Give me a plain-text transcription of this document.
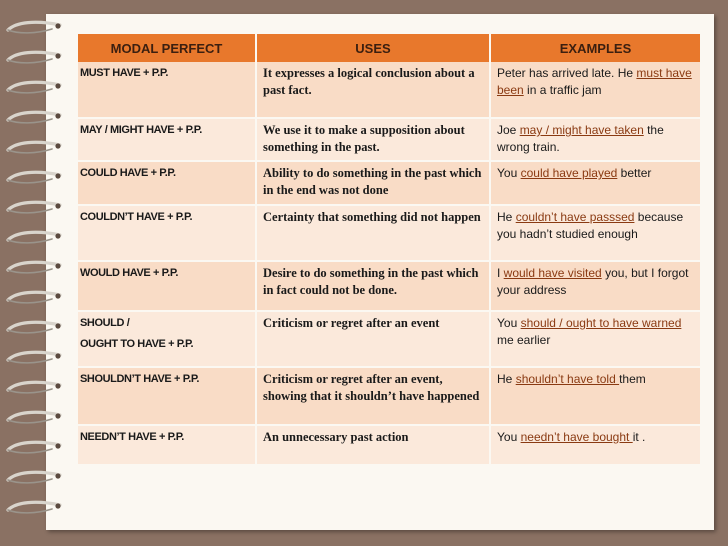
MODAL PERFECT	USES	EXAMPLES

MUST HAVE + P.P.	It expresses a logical conclusion about a past fact.	Peter has arrived late. He must have been in a traffic jam

MAY / MIGHT HAVE + P.P.	We use it to make a supposition about something in the past.	Joe may / might have taken the wrong train.

COULD HAVE + P.P.	Ability to do something in the past which in the end was not done	You could have played better

COULDN’T HAVE + P.P.	Certainty that something did not happen	He couldn’t have passsed because you hadn’t studied enough

WOULD HAVE + P.P.	Desire to do something in the past which in fact could not be done.	I would have visited you, but I forgot your address

SHOULD /
OUGHT TO HAVE + P.P.	Criticism or regret after an event	You should / ought to have warned me earlier

SHOULDN’T HAVE + P.P.	Criticism or regret after an event, showing that it shouldn’t have happened	He shouldn’t have told them

NEEDN’T HAVE + P.P.	An unnecessary past action	You needn’t have bought it .
